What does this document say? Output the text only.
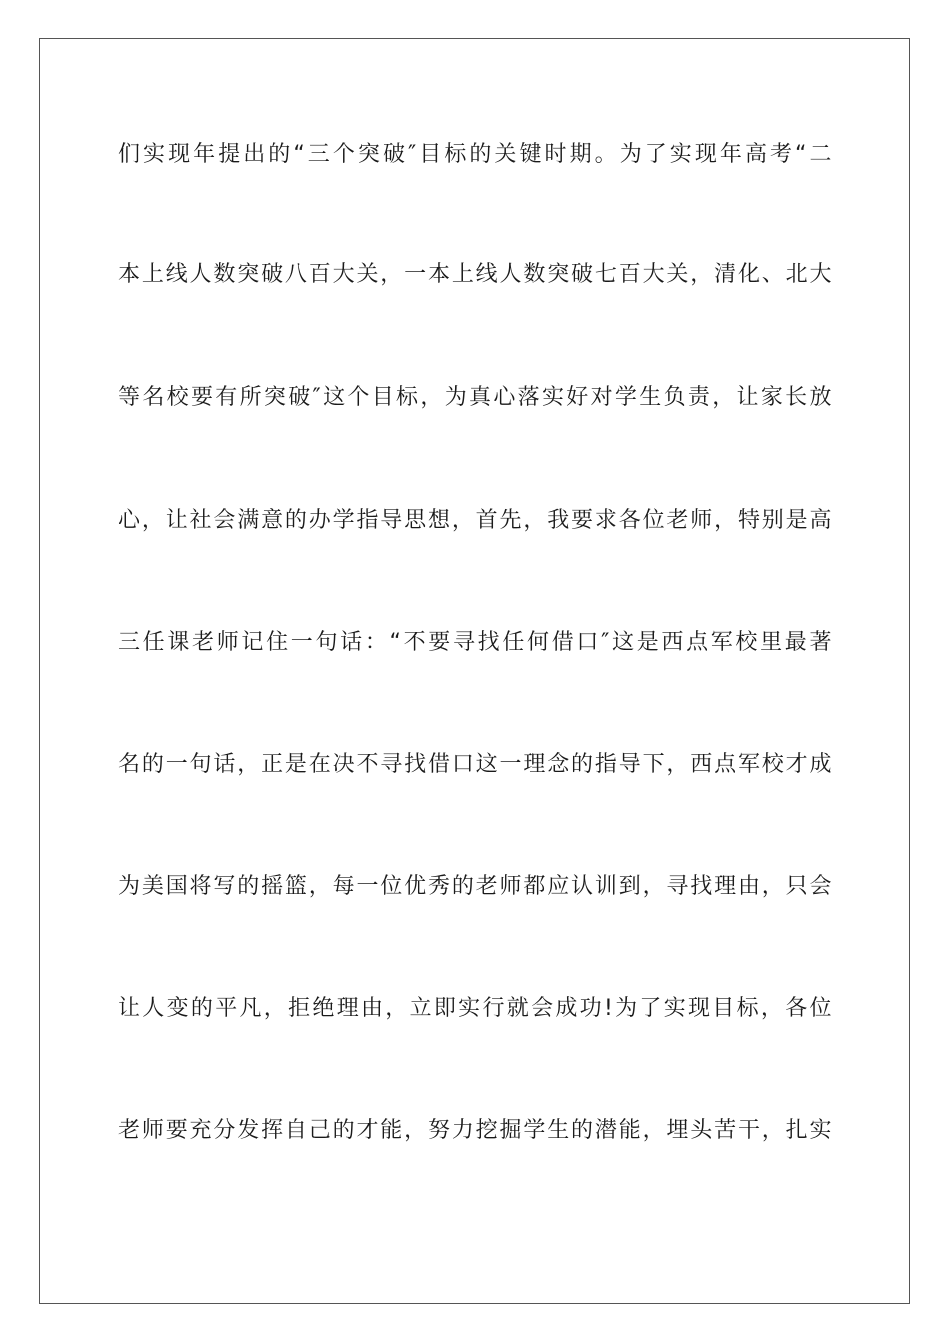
们实现年提出的“三个突破″目标的关键时期。为了实现年高考“二
本上线人数突破八百大关，一本上线人数突破七百大关，清化、北大
等名校要有所突破″这个目标，为真心落实好对学生负责，让家长放
心，让社会满意的办学指导思想，首先，我要求各位老师，特别是高
三任课老师记住一句话：“不要寻找任何借口″这是西点军校里最著
名的一句话，正是在决不寻找借口这一理念的指导下，西点军校才成
为美国将写的摇篮，每一位优秀的老师都应认训到，寻找理由，只会
让人变的平凡，拒绝理由，立即实行就会成功!为了实现目标，各位
老师要充分发挥自己的才能，努力挖掘学生的潜能，埋头苦干，扎实
